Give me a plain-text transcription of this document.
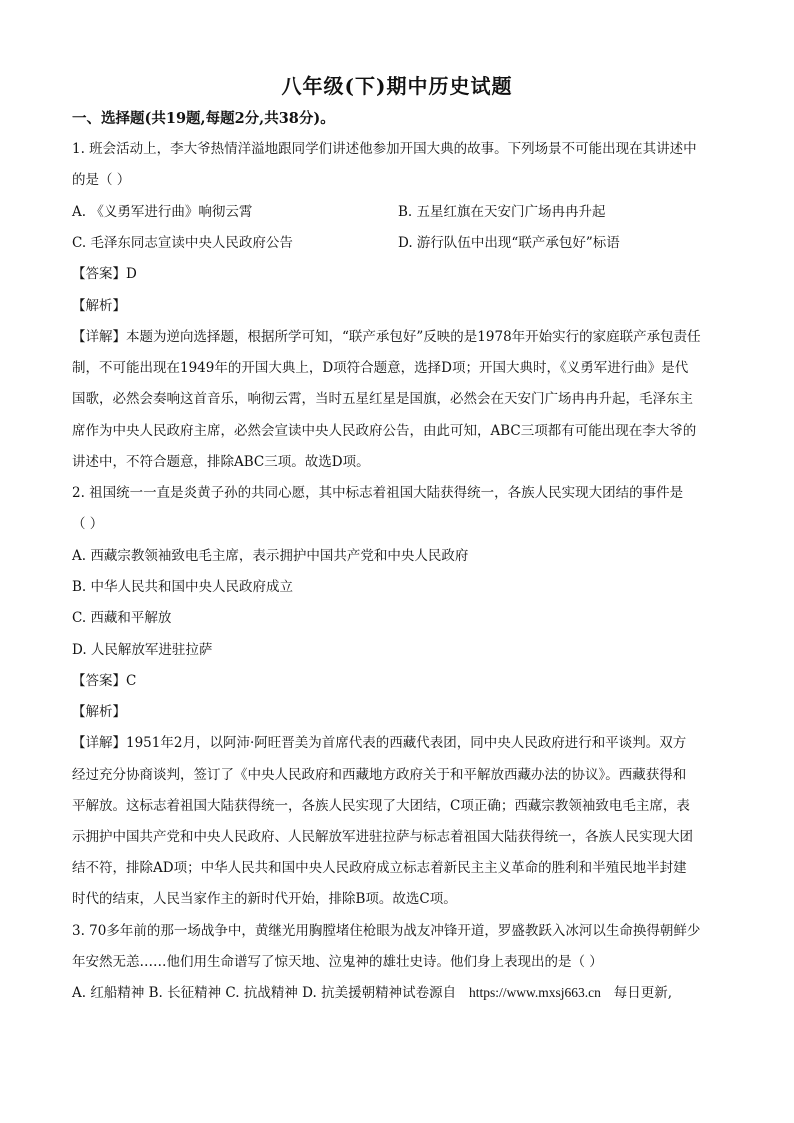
八年级(下)期中历史试题
一、选择题(共19题,每题2分,共38分)。
1. 班会活动上，李大爷热情洋溢地跟同学们讲述他参加开国大典的故事。下列场景不可能出现在其讲述中
的是（ ）
A. 《义勇军进行曲》响彻云霄	B. 五星红旗在天安门广场冉冉升起
C. 毛泽东同志宣读中央人民政府公告	D. 游行队伍中出现“联产承包好”标语
【答案】D
【解析】
【详解】本题为逆向选择题，根据所学可知，“联产承包好”反映的是1978年开始实行的家庭联产承包责任
制，不可能出现在1949年的开国大典上，D项符合题意，选择D项；开国大典时，《义勇军进行曲》是代
国歌，必然会奏响这首音乐，响彻云霄，当时五星红星是国旗，必然会在天安门广场冉冉升起，毛泽东主
席作为中央人民政府主席，必然会宣读中央人民政府公告，由此可知，ABC三项都有可能出现在李大爷的
讲述中，不符合题意，排除ABC三项。故选D项。
2. 祖国统一一直是炎黄子孙的共同心愿，其中标志着祖国大陆获得统一，各族人民实现大团结的事件是
（ ）
A. 西藏宗教领袖致电毛主席，表示拥护中国共产党和中央人民政府
B. 中华人民共和国中央人民政府成立
C. 西藏和平解放
D. 人民解放军进驻拉萨
【答案】C
【解析】
【详解】1951年2月，以阿沛·阿旺晋美为首席代表的西藏代表团，同中央人民政府进行和平谈判。双方
经过充分协商谈判，签订了《中央人民政府和西藏地方政府关于和平解放西藏办法的协议》。西藏获得和
平解放。这标志着祖国大陆获得统一，各族人民实现了大团结，C项正确；西藏宗教领袖致电毛主席，表
示拥护中国共产党和中央人民政府、人民解放军进驻拉萨与标志着祖国大陆获得统一，各族人民实现大团
结不符，排除AD项；中华人民共和国中央人民政府成立标志着新民主主义革命的胜利和半殖民地半封建
时代的结束，人民当家作主的新时代开始，排除B项。故选C项。
3. 70多年前的那一场战争中，黄继光用胸膛堵住枪眼为战友冲锋开道，罗盛教跃入冰河以生命换得朝鲜少
年安然无恙……他们用生命谱写了惊天地、泣鬼神的雄壮史诗。他们身上表现出的是（ ）
A. 红船精神 B. 长征精神 C. 抗战精神 D. 抗美援朝精神试卷源自 https://www.mxsj663.cn 每日更新,
